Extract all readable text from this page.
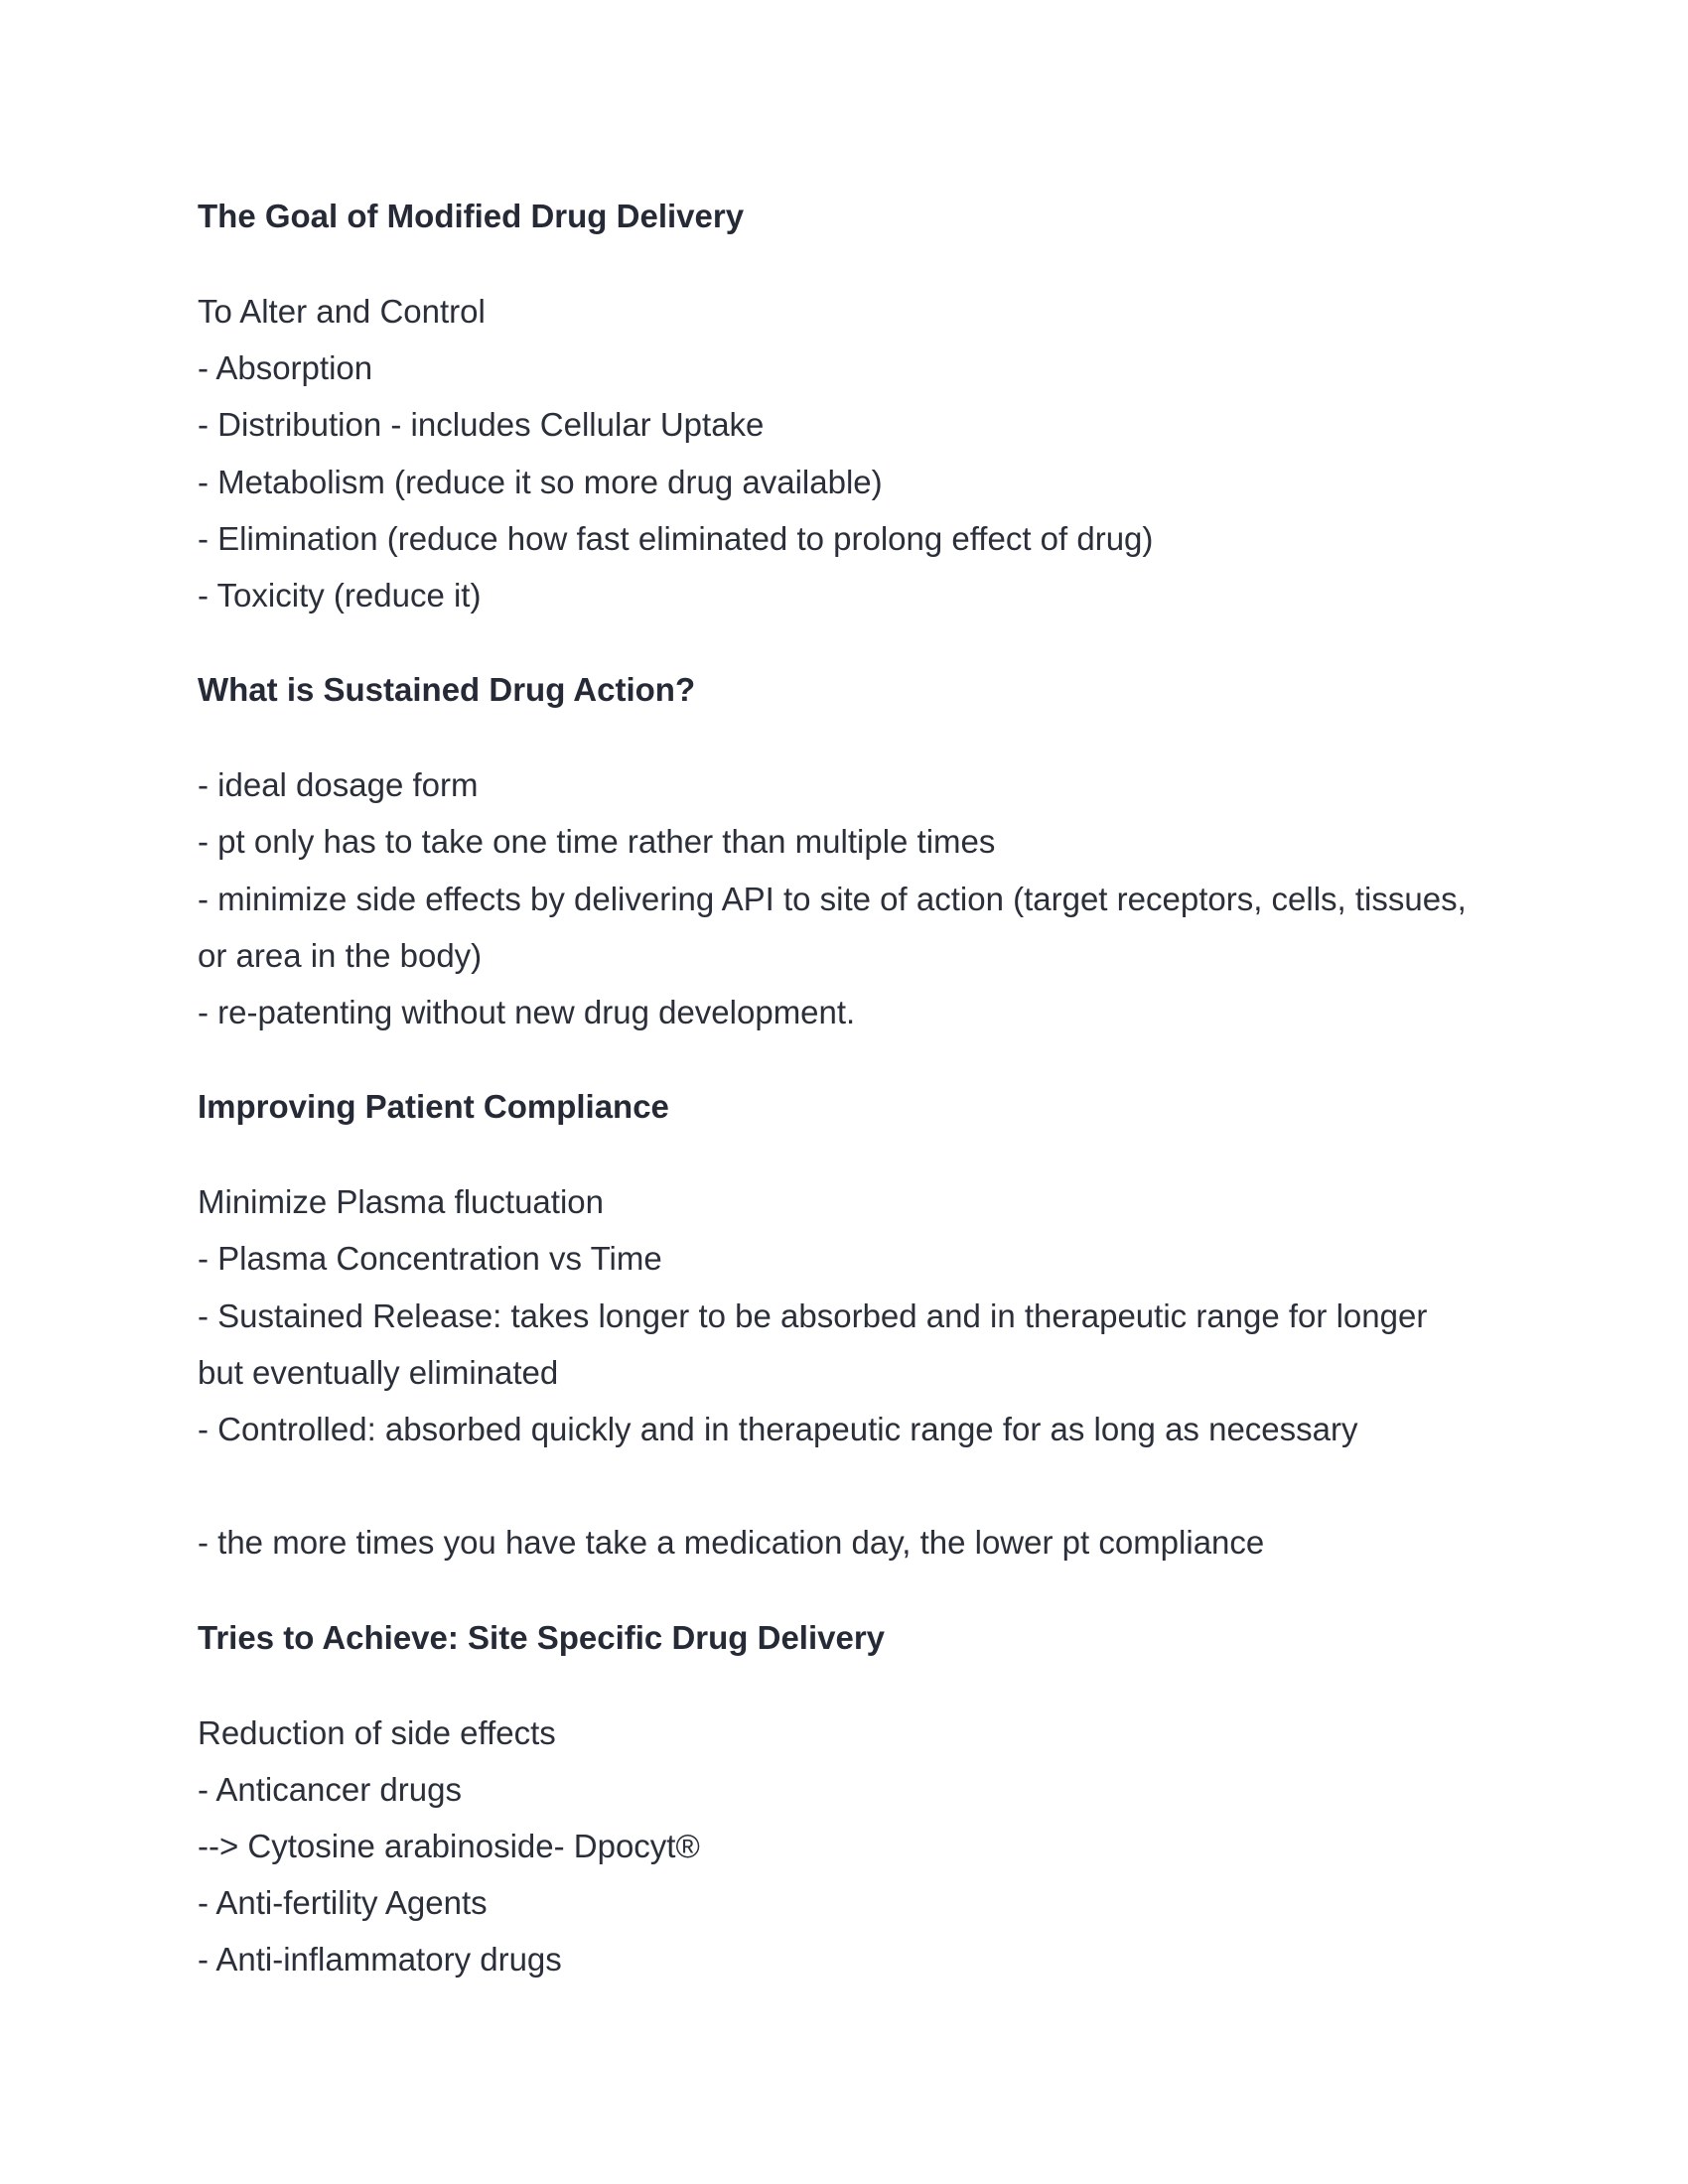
The Goal of Modified Drug Delivery

To Alter and Control

- Absorption

- Distribution - includes Cellular Uptake

- Metabolism (reduce it so more drug available)

- Elimination (reduce how fast eliminated to prolong effect of drug)

- Toxicity (reduce it)

What is Sustained Drug Action?

- ideal dosage form

- pt only has to take one time rather than multiple times

- minimize side effects by delivering API to site of action (target receptors, cells, tissues,

or area in the body)

- re-patenting without new drug development.

Improving Patient Compliance

Minimize Plasma fluctuation

- Plasma Concentration vs Time

- Sustained Release: takes longer to be absorbed and in therapeutic range for longer

but eventually eliminated

- Controlled: absorbed quickly and in therapeutic range for as long as necessary

- the more times you have take a medication day, the lower pt compliance

Tries to Achieve: Site Specific Drug Delivery

Reduction of side effects

- Anticancer drugs

--> Cytosine arabinoside- Dpocyt®

- Anti-fertility Agents

- Anti-inflammatory drugs
